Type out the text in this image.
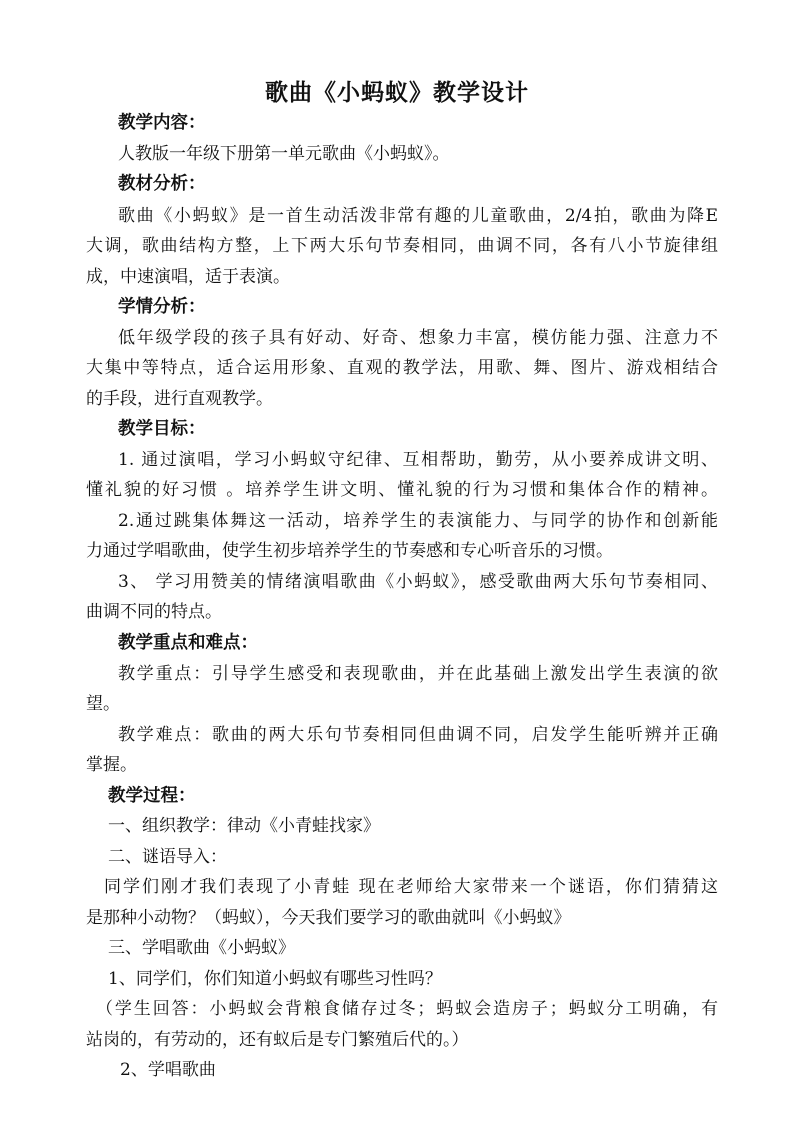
歌曲《小蚂蚁》教学设计
教学内容：
人教版一年级下册第一单元歌曲《小蚂蚁》。
教材分析：
歌曲《小蚂蚁》是一首生动活泼非常有趣的儿童歌曲，2/4拍，歌曲为降E
大调，歌曲结构方整，上下两大乐句节奏相同，曲调不同，各有八小节旋律组
成，中速演唱，适于表演。
学情分析：
低年级学段的孩子具有好动、好奇、想象力丰富，模仿能力强、注意力不
大集中等特点，适合运用形象、直观的教学法，用歌、舞、图片、游戏相结合
的手段，进行直观教学。
教学目标：
1. 通过演唱，学习小蚂蚁守纪律、互相帮助，勤劳，从小要养成讲文明、
懂礼貌的好习惯 。培养学生讲文明、懂礼貌的行为习惯和集体合作的精神。
2.通过跳集体舞这一活动，培养学生的表演能力、与同学的协作和创新能
力通过学唱歌曲，使学生初步培养学生的节奏感和专心听音乐的习惯。
3、 学习用赞美的情绪演唱歌曲《小蚂蚁》，感受歌曲两大乐句节奏相同、
曲调不同的特点。
教学重点和难点：
教学重点：引导学生感受和表现歌曲，并在此基础上激发出学生表演的欲
望。
教学难点：歌曲的两大乐句节奏相同但曲调不同，启发学生能听辨并正确
掌握。
教学过程：
一、组织教学：律动《小青蛙找家》
二、谜语导入：
同学们刚才我们表现了小青蛙 现在老师给大家带来一个谜语，你们猜猜这
是那种小动物？（蚂蚁），今天我们要学习的歌曲就叫《小蚂蚁》
三、学唱歌曲《小蚂蚁》
1、同学们，你们知道小蚂蚁有哪些习性吗？
（学生回答：小蚂蚁会背粮食储存过冬；蚂蚁会造房子；蚂蚁分工明确，有
站岗的，有劳动的，还有蚁后是专门繁殖后代的。）
2、学唱歌曲
